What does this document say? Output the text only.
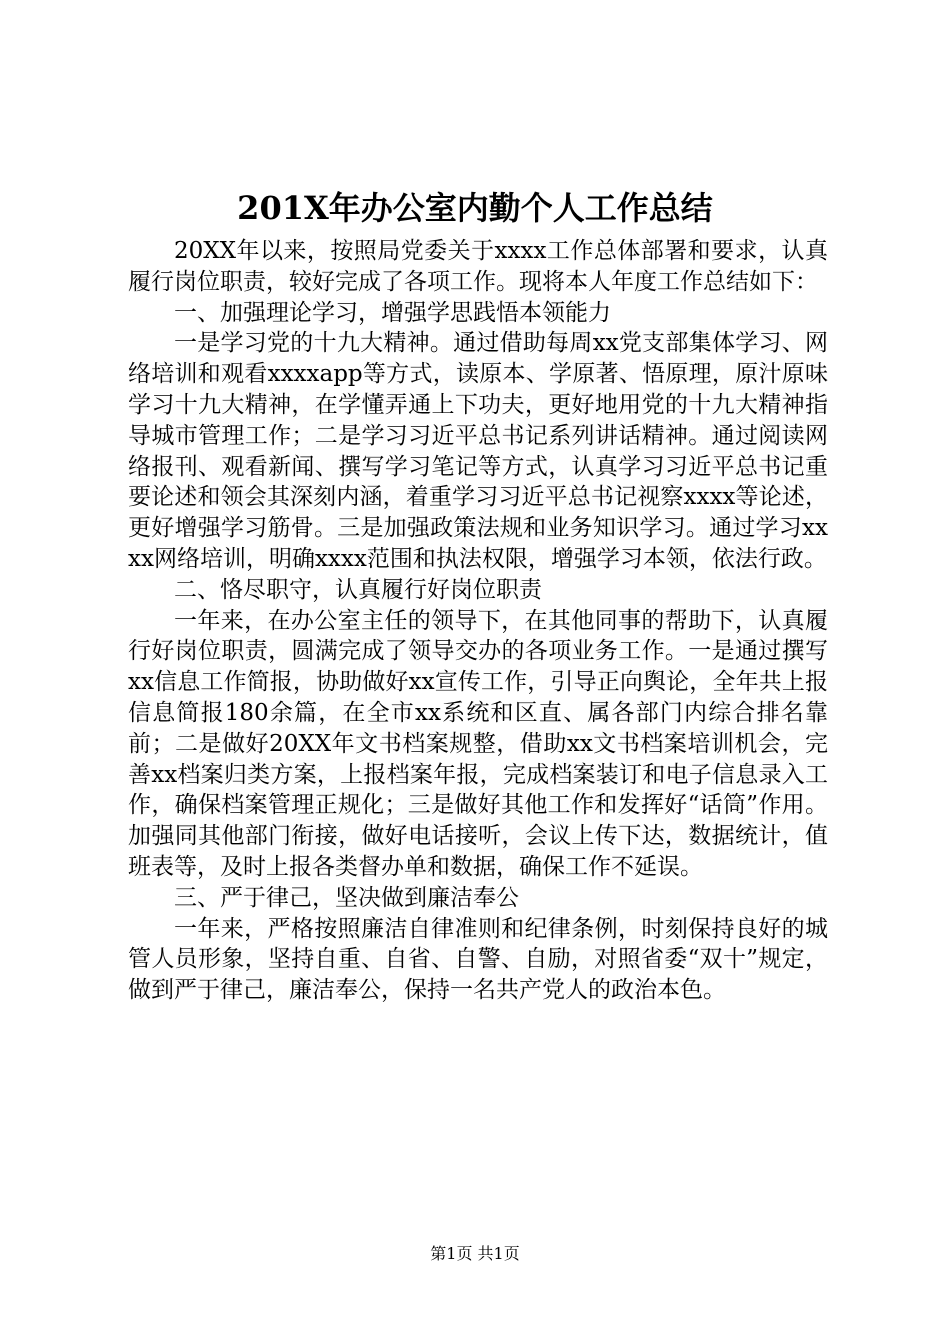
201X年办公室内勤个人工作总结

20XX年以来，按照局党委关于xxxx工作总体部署和要求，认真履行岗位职责，较好完成了各项工作。现将本人年度工作总结如下：

一、加强理论学习，增强学思践悟本领能力

一是学习党的十九大精神。通过借助每周xx党支部集体学习、网络培训和观看xxxxapp等方式，读原本、学原著、悟原理，原汁原味学习十九大精神，在学懂弄通上下功夫，更好地用党的十九大精神指导城市管理工作；二是学习习近平总书记系列讲话精神。通过阅读网络报刊、观看新闻、撰写学习笔记等方式，认真学习习近平总书记重要论述和领会其深刻内涵，着重学习习近平总书记视察xxxx等论述，更好增强学习筋骨。三是加强政策法规和业务知识学习。通过学习xxxx网络培训，明确xxxx范围和执法权限，增强学习本领，依法行政。

二、恪尽职守，认真履行好岗位职责

一年来，在办公室主任的领导下，在其他同事的帮助下，认真履行好岗位职责，圆满完成了领导交办的各项业务工作。一是通过撰写xx信息工作简报，协助做好xx宣传工作，引导正向舆论，全年共上报信息简报180余篇，在全市xx系统和区直、属各部门内综合排名靠前；二是做好20XX年文书档案规整，借助xx文书档案培训机会，完善xx档案归类方案，上报档案年报，完成档案装订和电子信息录入工作，确保档案管理正规化；三是做好其他工作和发挥好“话筒”作用。加强同其他部门衔接，做好电话接听，会议上传下达，数据统计，值班表等，及时上报各类督办单和数据，确保工作不延误。

三、严于律己，坚决做到廉洁奉公

一年来，严格按照廉洁自律准则和纪律条例，时刻保持良好的城管人员形象，坚持自重、自省、自警、自励，对照省委“双十”规定，做到严于律己，廉洁奉公，保持一名共产党人的政治本色。

第1页 共1页
